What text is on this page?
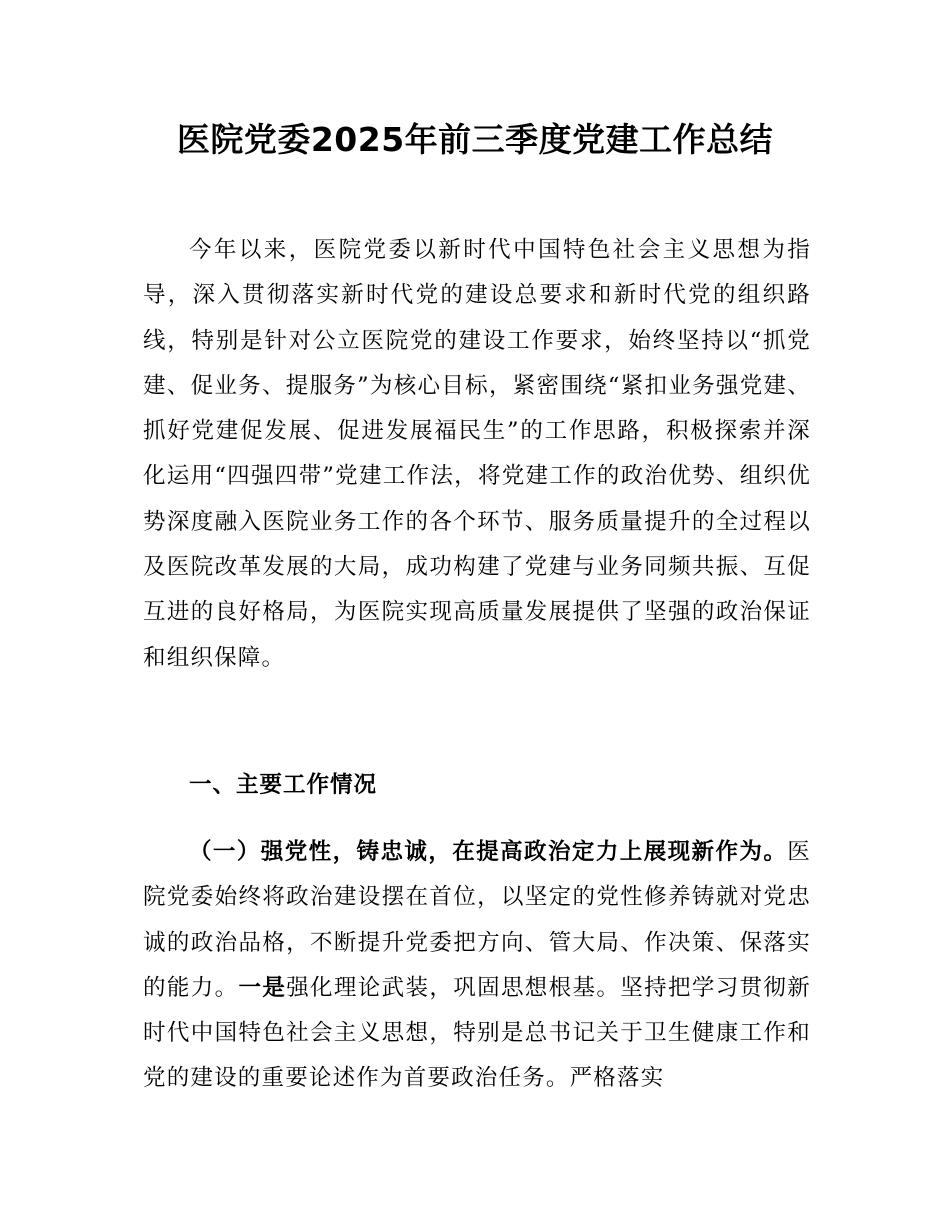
医院党委2025年前三季度党建工作总结

今年以来，医院党委以新时代中国特色社会主义思想为指导，深入贯彻落实新时代党的建设总要求和新时代党的组织路线，特别是针对公立医院党的建设工作要求，始终坚持以“抓党建、促业务、提服务”为核心目标，紧密围绕“紧扣业务强党建、抓好党建促发展、促进发展福民生”的工作思路，积极探索并深化运用“四强四带”党建工作法，将党建工作的政治优势、组织优势深度融入医院业务工作的各个环节、服务质量提升的全过程以及医院改革发展的大局，成功构建了党建与业务同频共振、互促互进的良好格局，为医院实现高质量发展提供了坚强的政治保证和组织保障。

一、主要工作情况

（一）强党性，铸忠诚，在提高政治定力上展现新作为。医院党委始终将政治建设摆在首位，以坚定的党性修养铸就对党忠诚的政治品格，不断提升党委把方向、管大局、作决策、保落实的能力。一是强化理论武装，巩固思想根基。坚持把学习贯彻新时代中国特色社会主义思想，特别是总书记关于卫生健康工作和党的建设的重要论述作为首要政治任务。严格落实
